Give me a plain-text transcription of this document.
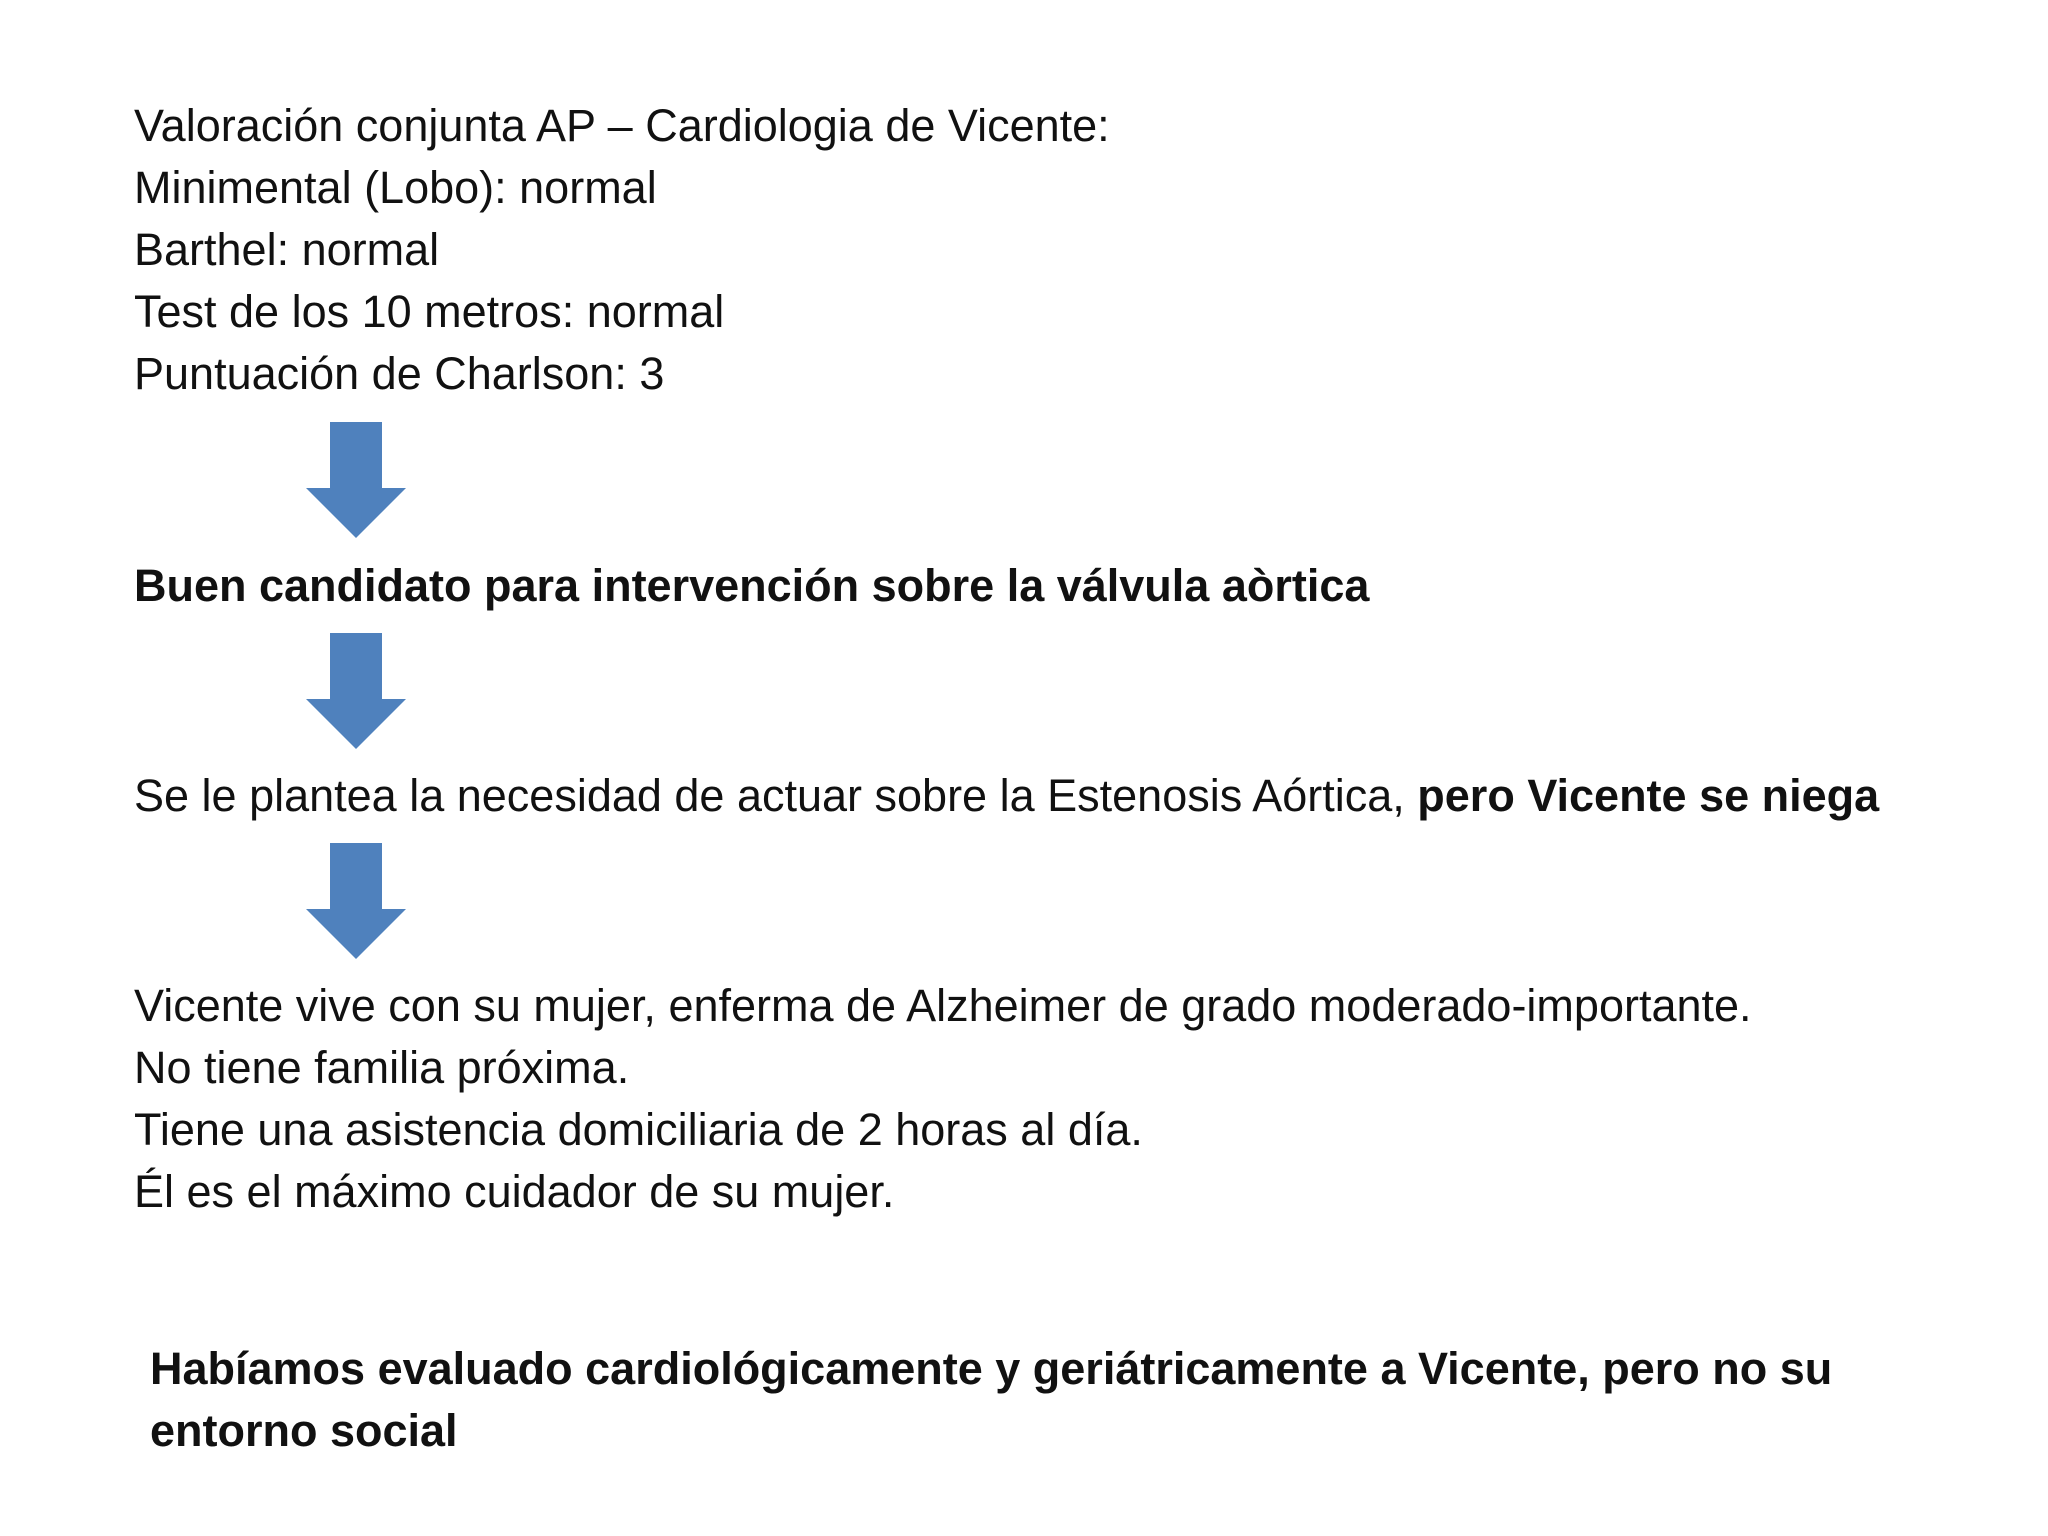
Valoración conjunta AP – Cardiologia de Vicente:
Minimental (Lobo): normal
Barthel: normal
Test de los 10 metros: normal
Puntuación de Charlson: 3
Buen candidato para intervención sobre la válvula aòrtica
Se le plantea la necesidad de actuar sobre la Estenosis Aórtica, pero Vicente se niega
Vicente vive con su mujer, enferma de Alzheimer de grado moderado-importante.
No tiene familia próxima.
Tiene una asistencia domiciliaria de 2 horas al día.
Él es el máximo cuidador de su mujer.
Habíamos evaluado cardiológicamente y geriátricamente a Vicente, pero no su entorno social
